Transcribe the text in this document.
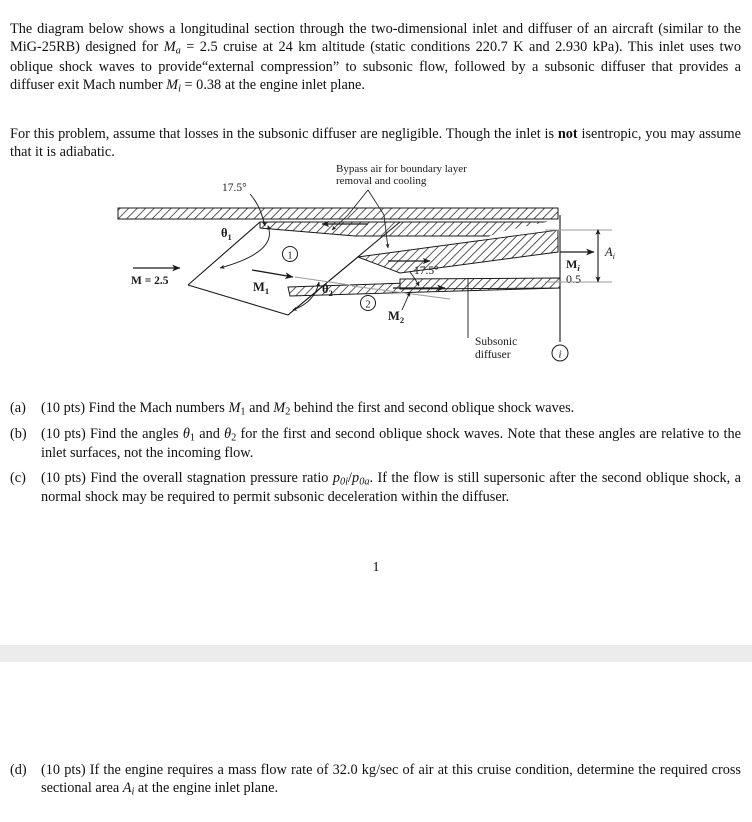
The diagram below shows a longitudinal section through the two-dimensional inlet and diffuser of an aircraft (similar to the MiG-25RB) designed for $M_a = 2.5$ cruise at 24 km altitude (static conditions 220.7 K and 2.930 kPa). This inlet uses two oblique shock waves to provide“external compression” to subsonic flow, followed by a subsonic diffuser that provides a diffuser exit Mach number $M_i = 0.38$ at the engine inlet plane.

For this problem, assume that losses in the subsonic diffuser are negligible. Though the inlet is not isentropic, you may assume that it is adiabatic.

17.5°
$\theta_1$
$\theta_2$
M = 2.5	$M_1$
1
2
17.5°
$M_2$
Bypass air for boundary layer
removal and cooling
i
$M_i$
0.5
$A_i$
Subsonic
diffuser
(a)	(10 pts) Find the Mach numbers M1 and M2 behind the first and second oblique shock waves.
(b)	(10 pts) Find the angles θ1 and θ2 for the first and second oblique shock waves. Note that these angles are relative to the inlet surfaces, not the incoming flow.
(c)	(10 pts) Find the overall stagnation pressure ratio $p_{0i}/p_{0a}$. If the flow is still supersonic after the second oblique shock, a normal shock may be required to permit subsonic deceleration within the diffuser.
1
(d)	(10 pts) If the engine requires a mass flow rate of 32.0 kg/sec of air at this cruise condition, determine the required cross sectional area $A_i$ at the engine inlet plane.
